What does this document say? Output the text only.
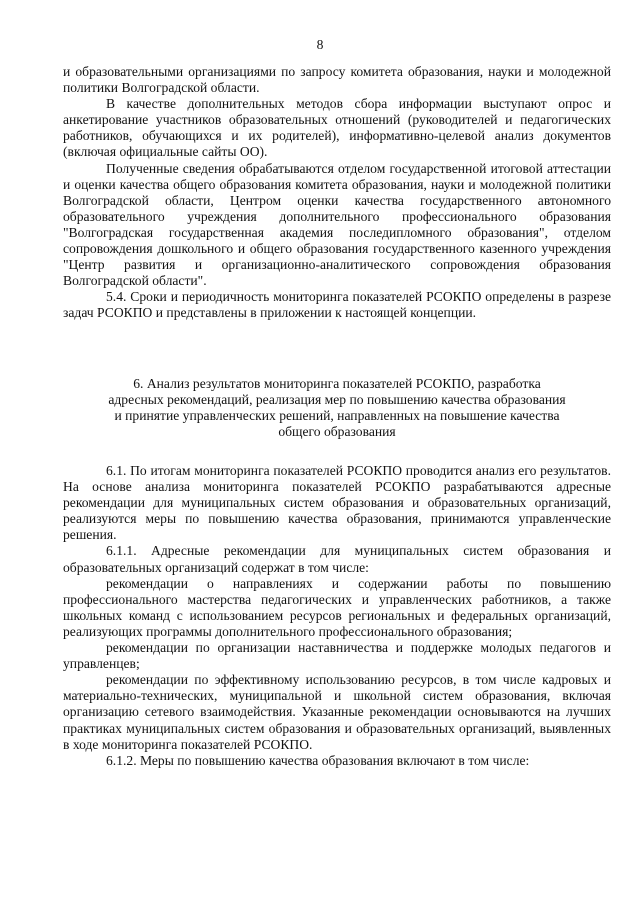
8

и образовательными организациями по запросу комитета образования, науки и молодежной политики Волгоградской области.

В качестве дополнительных методов сбора информации выступают опрос и анкетирование участников образовательных отношений (руководителей и педагогических работников, обучающихся и их родителей), информативно-целевой анализ документов (включая официальные сайты ОО).

Полученные сведения обрабатываются отделом государственной итоговой аттестации и оценки качества общего образования комитета образования, науки и молодежной политики Волгоградской области, Центром оценки качества государственного автономного образовательного учреждения дополнительного профессионального образования "Волгоградская государственная академия последипломного образования", отделом сопровождения дошкольного и общего образования государственного казенного учреждения "Центр развития и организационно-аналитического сопровождения образования Волгоградской области".

5.4. Сроки и периодичность мониторинга показателей РСОКПО определены в разрезе задач РСОКПО и представлены в приложении к настоящей концепции.

6. Анализ результатов мониторинга показателей РСОКПО, разработка
адресных рекомендаций, реализация мер по повышению качества образования
и принятие управленческих решений, направленных на повышение качества
общего образования

6.1. По итогам мониторинга показателей РСОКПО проводится анализ его результатов. На основе анализа мониторинга показателей РСОКПО разрабатываются адресные рекомендации для муниципальных систем образования и образовательных организаций, реализуются меры по повышению качества образования, принимаются управленческие решения.

6.1.1. Адресные рекомендации для муниципальных систем образования и образовательных организаций содержат в том числе:

рекомендации о направлениях и содержании работы по повышению профессионального мастерства педагогических и управленческих работников, а также школьных команд с использованием ресурсов региональных и федеральных организаций, реализующих программы дополнительного профессионального образования;

рекомендации по организации наставничества и поддержке молодых педагогов и управленцев;

рекомендации по эффективному использованию ресурсов, в том числе кадровых и материально-технических, муниципальной и школьной систем образования, включая организацию сетевого взаимодействия. Указанные рекомендации основываются на лучших практиках муниципальных систем образования и образовательных организаций, выявленных в ходе мониторинга показателей РСОКПО.

6.1.2. Меры по повышению качества образования включают в том числе:
